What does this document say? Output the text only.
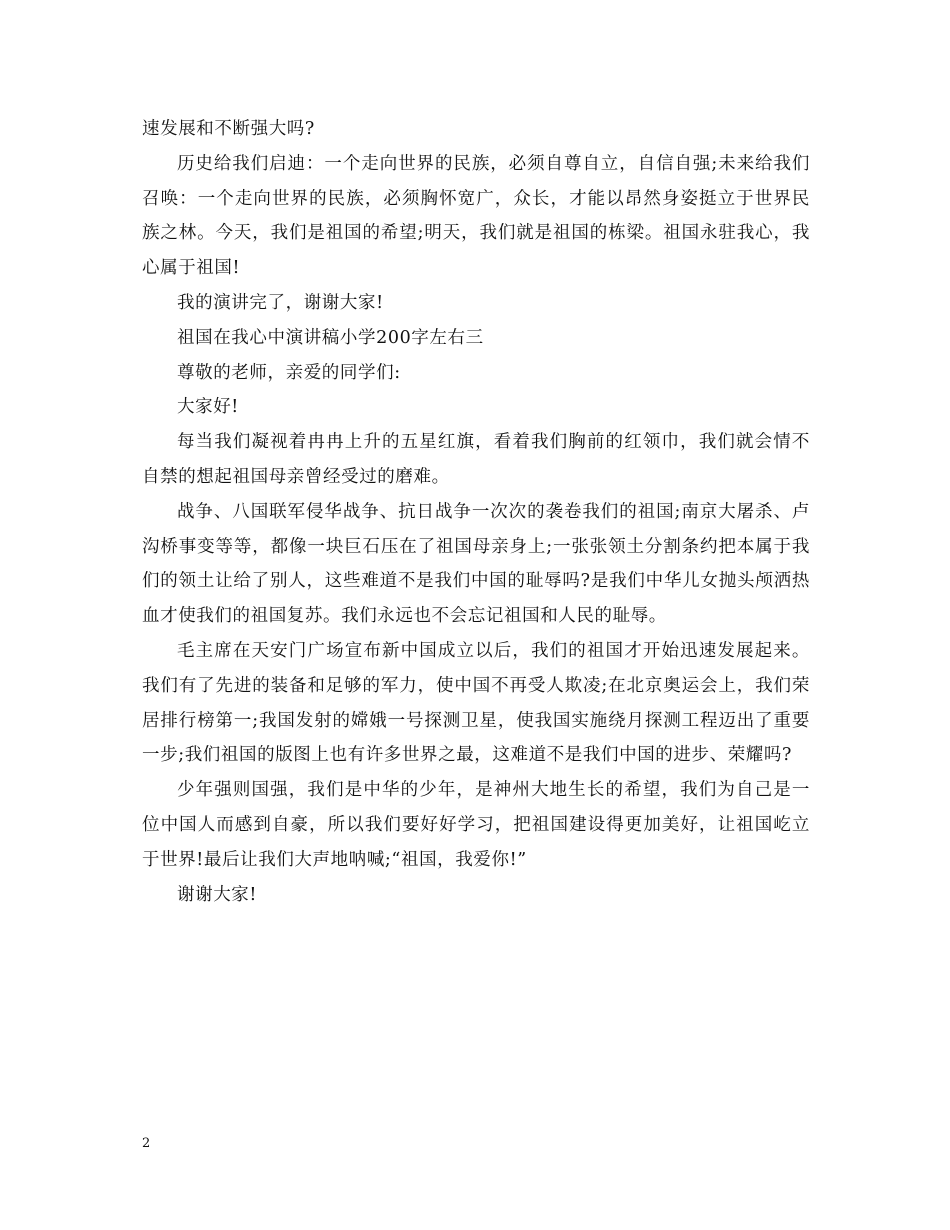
速发展和不断强大吗?

历史给我们启迪：一个走向世界的民族，必须自尊自立，自信自强;未来给我们召唤：一个走向世界的民族，必须胸怀宽广，众长，才能以昂然身姿挺立于世界民族之林。今天，我们是祖国的希望;明天，我们就是祖国的栋梁。祖国永驻我心，我心属于祖国!

我的演讲完了，谢谢大家!

祖国在我心中演讲稿小学200字左右三

尊敬的老师，亲爱的同学们:

大家好!

每当我们凝视着冉冉上升的五星红旗，看着我们胸前的红领巾，我们就会情不自禁的想起祖国母亲曾经受过的磨难。

战争、八国联军侵华战争、抗日战争一次次的袭卷我们的祖国;南京大屠杀、卢沟桥事变等等，都像一块巨石压在了祖国母亲身上;一张张领土分割条约把本属于我们的领土让给了别人，这些难道不是我们中国的耻辱吗?是我们中华儿女抛头颅洒热血才使我们的祖国复苏。我们永远也不会忘记祖国和人民的耻辱。

毛主席在天安门广场宣布新中国成立以后，我们的祖国才开始迅速发展起来。我们有了先进的装备和足够的军力，使中国不再受人欺凌;在北京奥运会上，我们荣居排行榜第一;我国发射的嫦娥一号探测卫星，使我国实施绕月探测工程迈出了重要一步;我们祖国的版图上也有许多世界之最，这难道不是我们中国的进步、荣耀吗?

少年强则国强，我们是中华的少年，是神州大地生长的希望，我们为自己是一位中国人而感到自豪，所以我们要好好学习，把祖国建设得更加美好，让祖国屹立于世界!最后让我们大声地呐喊;“祖国，我爱你!”

谢谢大家!

2
